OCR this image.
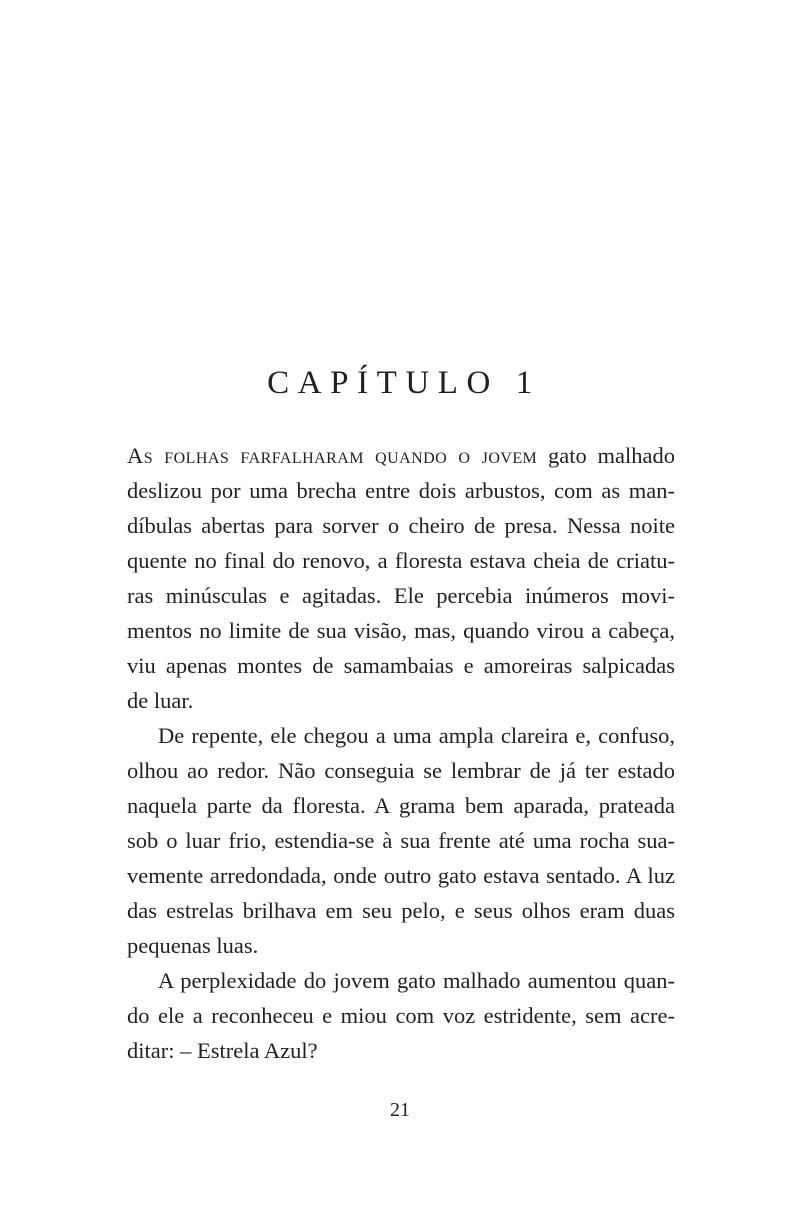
CAPÍTULO 1

As folhas farfalharam quando o jovem gato malhado
deslizou por uma brecha entre dois arbustos, com as man-
díbulas abertas para sorver o cheiro de presa. Nessa noite
quente no final do renovo, a floresta estava cheia de criatu-
ras minúsculas e agitadas. Ele percebia inúmeros movi-
mentos no limite de sua visão, mas, quando virou a cabeça,
viu apenas montes de samambaias e amoreiras salpicadas
de luar.

De repente, ele chegou a uma ampla clareira e, confuso,
olhou ao redor. Não conseguia se lembrar de já ter estado
naquela parte da floresta. A grama bem aparada, prateada
sob o luar frio, estendia-se à sua frente até uma rocha sua-
vemente arredondada, onde outro gato estava sentado. A luz
das estrelas brilhava em seu pelo, e seus olhos eram duas
pequenas luas.

A perplexidade do jovem gato malhado aumentou quan-
do ele a reconheceu e miou com voz estridente, sem acre-
ditar: – Estrela Azul?

21
